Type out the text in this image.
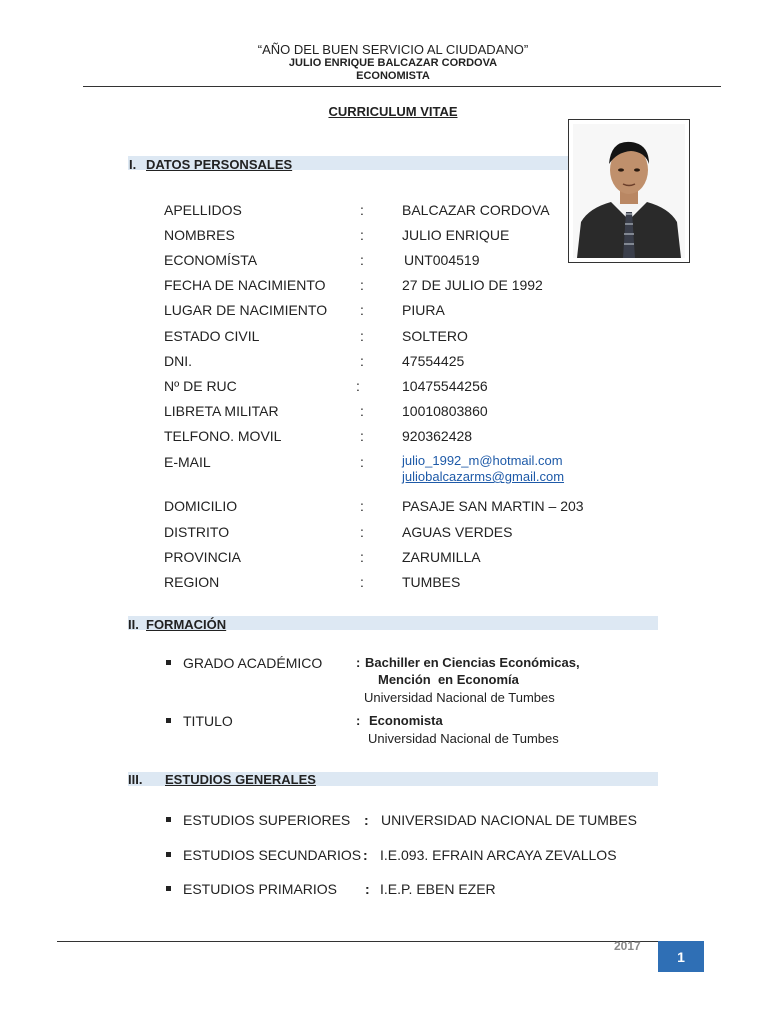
“AÑO DEL BUEN SERVICIO AL CIUDADANO”
JULIO ENRIQUE BALCAZAR CORDOVA
ECONOMISTA
CURRICULUM VITAE
I. DATOS PERSONSALES
APELLIDOS	:	BALCAZAR CORDOVA
NOMBRES	:	JULIO ENRIQUE
ECONOMÍSTA	:	UNT004519
FECHA DE NACIMIENTO :	27 DE JULIO DE 1992
LUGAR DE NACIMIENTO :	PIURA
ESTADO CIVIL	:	SOLTERO
DNI.	:	47554425
Nº DE RUC	:	10475544256
LIBRETA MILITAR	:	10010803860
TELFONO. MOVIL	:	920362428
E-MAIL	:	julio_1992_m@hotmail.com
juliobalcazarms@gmail.com
DOMICILIO	:	PASAJE SAN MARTIN – 203
DISTRITO	:	AGUAS VERDES
PROVINCIA	:	ZARUMILLA
REGION	:	TUMBES
II. FORMACIÓN
GRADO ACADÉMICO	: Bachiller en Ciencias Económicas,
Mención  en Economía
Universidad Nacional de Tumbes
TITULO	: Economista
Universidad Nacional de Tumbes
III. ESTUDIOS GENERALES
ESTUDIOS SUPERIORES : UNIVERSIDAD NACIONAL DE TUMBES
ESTUDIOS SECUNDARIOS : I.E.093. EFRAIN ARCAYA ZEVALLOS
ESTUDIOS PRIMARIOS : I.E.P. EBEN EZER
2017
1
